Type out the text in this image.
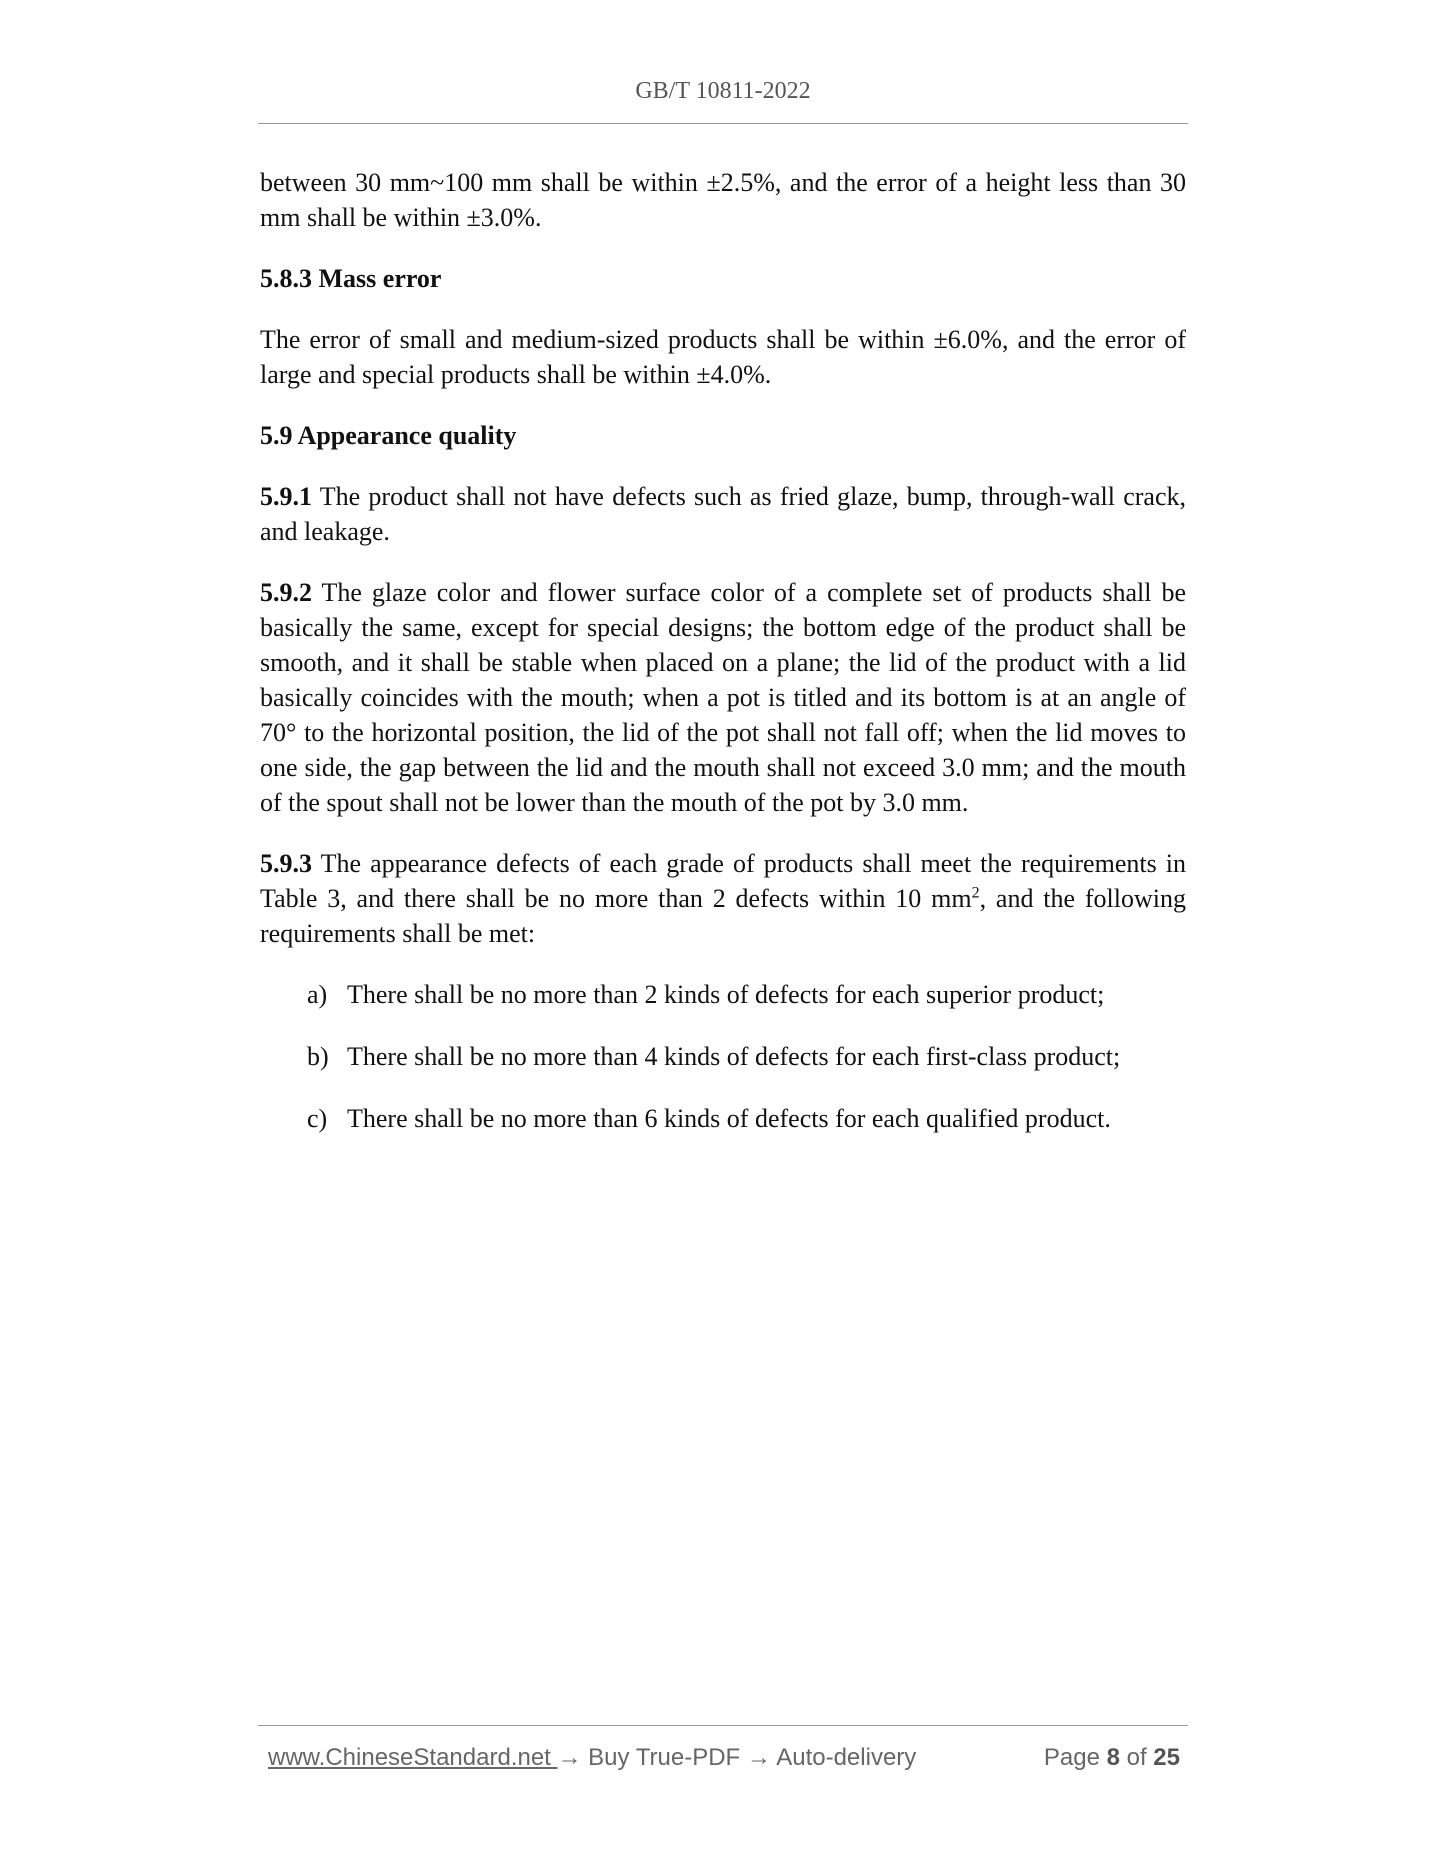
GB/T 10811-2022

between 30 mm~100 mm shall be within ±2.5%, and the error of a height less than 30 mm shall be within ±3.0%.

5.8.3 Mass error

The error of small and medium-sized products shall be within ±6.0%, and the error of large and special products shall be within ±4.0%.

5.9 Appearance quality

5.9.1 The product shall not have defects such as fried glaze, bump, through-wall crack, and leakage.

5.9.2 The glaze color and flower surface color of a complete set of products shall be basically the same, except for special designs; the bottom edge of the product shall be smooth, and it shall be stable when placed on a plane; the lid of the product with a lid basically coincides with the mouth; when a pot is titled and its bottom is at an angle of 70° to the horizontal position, the lid of the pot shall not fall off; when the lid moves to one side, the gap between the lid and the mouth shall not exceed 3.0 mm; and the mouth of the spout shall not be lower than the mouth of the pot by 3.0 mm.

5.9.3 The appearance defects of each grade of products shall meet the requirements in Table 3, and there shall be no more than 2 defects within 10 $mm^2$, and the following requirements shall be met:

a) There shall be no more than 2 kinds of defects for each superior product;
b) There shall be no more than 4 kinds of defects for each first-class product;
c) There shall be no more than 6 kinds of defects for each qualified product.
www.ChineseStandard.net → Buy True-PDF → Auto-delivery	Page 8 of 25
